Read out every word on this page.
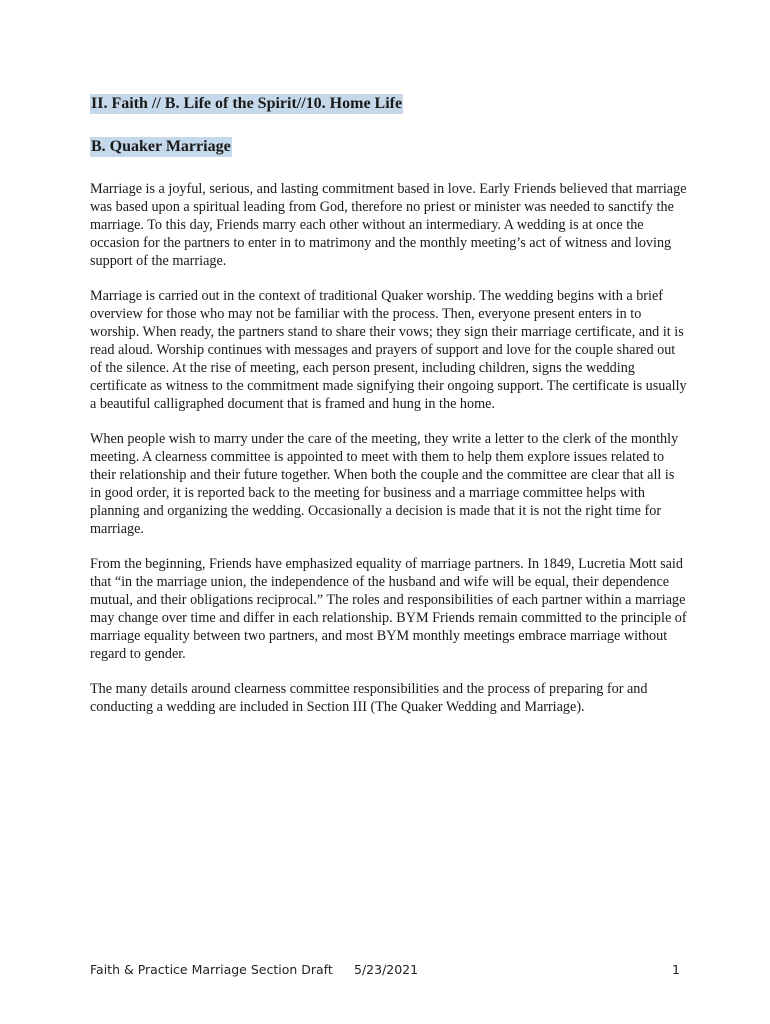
II. Faith // B. Life of the Spirit//10. Home Life
B. Quaker Marriage

Marriage is a joyful, serious, and lasting commitment based in love. Early Friends believed that marriage was based upon a spiritual leading from God, therefore no priest or minister was needed to sanctify the marriage. To this day, Friends marry each other without an intermediary. A wedding is at once the occasion for the partners to enter in to matrimony and the monthly meeting’s act of witness and loving support of the marriage.

Marriage is carried out in the context of traditional Quaker worship. The wedding begins with a brief overview for those who may not be familiar with the process. Then, everyone present enters in to worship. When ready, the partners stand to share their vows; they sign their marriage certificate, and it is read aloud. Worship continues with messages and prayers of support and love for the couple shared out of the silence. At the rise of meeting, each person present, including children, signs the wedding certificate as witness to the commitment made signifying their ongoing support. The certificate is usually a beautiful calligraphed document that is framed and hung in the home.

When people wish to marry under the care of the meeting, they write a letter to the clerk of the monthly meeting. A clearness committee is appointed to meet with them to help them explore issues related to their relationship and their future together. When both the couple and the committee are clear that all is in good order, it is reported back to the meeting for business and a marriage committee helps with planning and organizing the wedding. Occasionally a decision is made that it is not the right time for marriage.

From the beginning, Friends have emphasized equality of marriage partners. In 1849, Lucretia Mott said that “in the marriage union, the independence of the husband and wife will be equal, their dependence mutual, and their obligations reciprocal.” The roles and responsibilities of each partner within a marriage may change over time and differ in each relationship. BYM Friends remain committed to the principle of marriage equality between two partners, and most BYM monthly meetings embrace marriage without regard to gender.

The many details around clearness committee responsibilities and the process of preparing for and conducting a wedding are included in Section III (The Quaker Wedding and Marriage).

Faith & Practice Marriage Section Draft 5/23/2021	1
